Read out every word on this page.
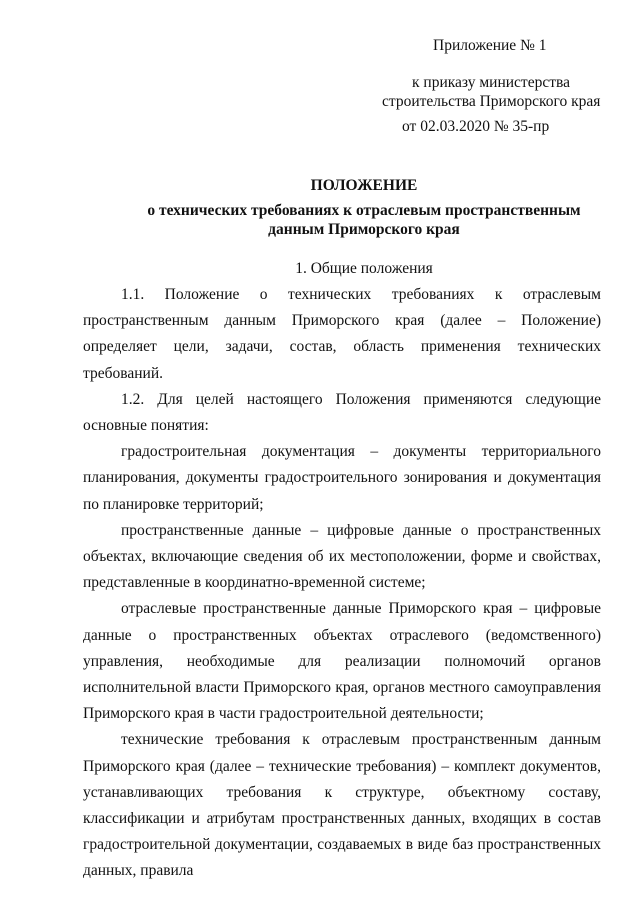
Приложение № 1
к приказу министерства
строительства Приморского края
от 02.03.2020 № 35-пр
ПОЛОЖЕНИЕ
о технических требованиях к отраслевым пространственным данным Приморского края
1. Общие положения

1.1. Положение о технических требованиях к отраслевым пространственным данным Приморского края (далее – Положение) определяет цели, задачи, состав, область применения технических требований.

1.2. Для целей настоящего Положения применяются следующие основные понятия:

градостроительная документация – документы территориального планирования, документы градостроительного зонирования и документация по планировке территорий;

пространственные данные – цифровые данные о пространственных объектах, включающие сведения об их местоположении, форме и свойствах, представленные в координатно-временной системе;

отраслевые пространственные данные Приморского края – цифровые данные о пространственных объектах отраслевого (ведомственного) управления, необходимые для реализации полномочий органов исполнительной власти Приморского края, органов местного самоуправления Приморского края в части градостроительной деятельности;

технические требования к отраслевым пространственным данным Приморского края (далее – технические требования) – комплект документов, устанавливающих требования к структуре, объектному составу, классификации и атрибутам пространственных данных, входящих в состав градостроительной документации, создаваемых в виде баз пространственных данных, правила
